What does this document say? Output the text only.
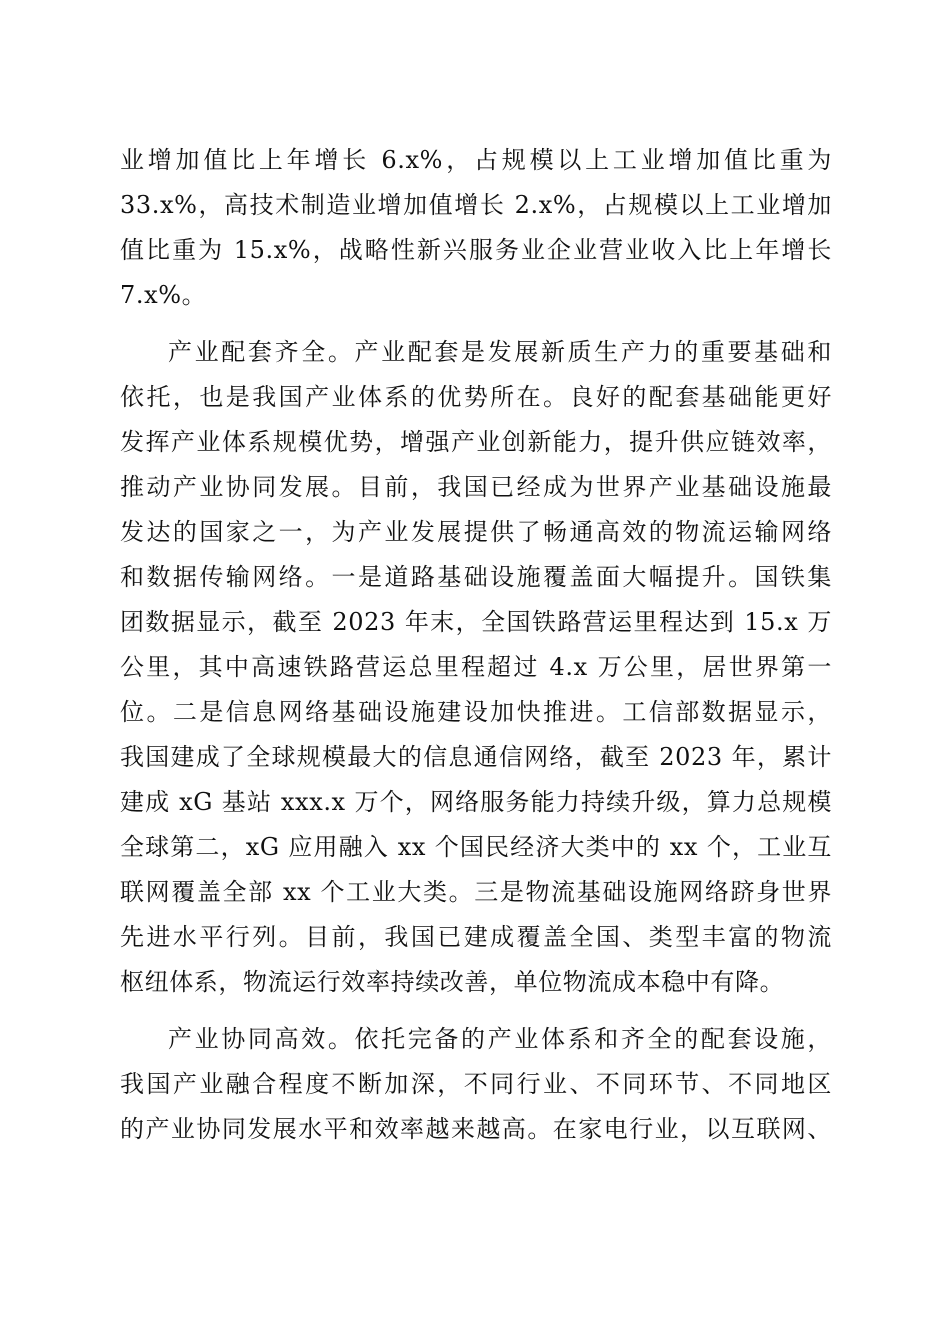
业增加值比上年增长 6.x%，占规模以上工业增加值比重为
33.x%，高技术制造业增加值增长 2.x%，占规模以上工业增加
值比重为 15.x%，战略性新兴服务业企业营业收入比上年增长
7.x%。
产业配套齐全。产业配套是发展新质生产力的重要基础和
依托，也是我国产业体系的优势所在。良好的配套基础能更好
发挥产业体系规模优势，增强产业创新能力，提升供应链效率，
推动产业协同发展。目前，我国已经成为世界产业基础设施最
发达的国家之一，为产业发展提供了畅通高效的物流运输网络
和数据传输网络。一是道路基础设施覆盖面大幅提升。国铁集
团数据显示，截至 2023 年末，全国铁路营运里程达到 15.x 万
公里，其中高速铁路营运总里程超过 4.x 万公里，居世界第一
位。二是信息网络基础设施建设加快推进。工信部数据显示，
我国建成了全球规模最大的信息通信网络，截至 2023 年，累计
建成 xG 基站 xxx.x 万个，网络服务能力持续升级，算力总规模
全球第二，xG 应用融入 xx 个国民经济大类中的 xx 个，工业互
联网覆盖全部 xx 个工业大类。三是物流基础设施网络跻身世界
先进水平行列。目前，我国已建成覆盖全国、类型丰富的物流
枢纽体系，物流运行效率持续改善，单位物流成本稳中有降。
产业协同高效。依托完备的产业体系和齐全的配套设施，
我国产业融合程度不断加深，不同行业、不同环节、不同地区
的产业协同发展水平和效率越来越高。在家电行业，以互联网、
